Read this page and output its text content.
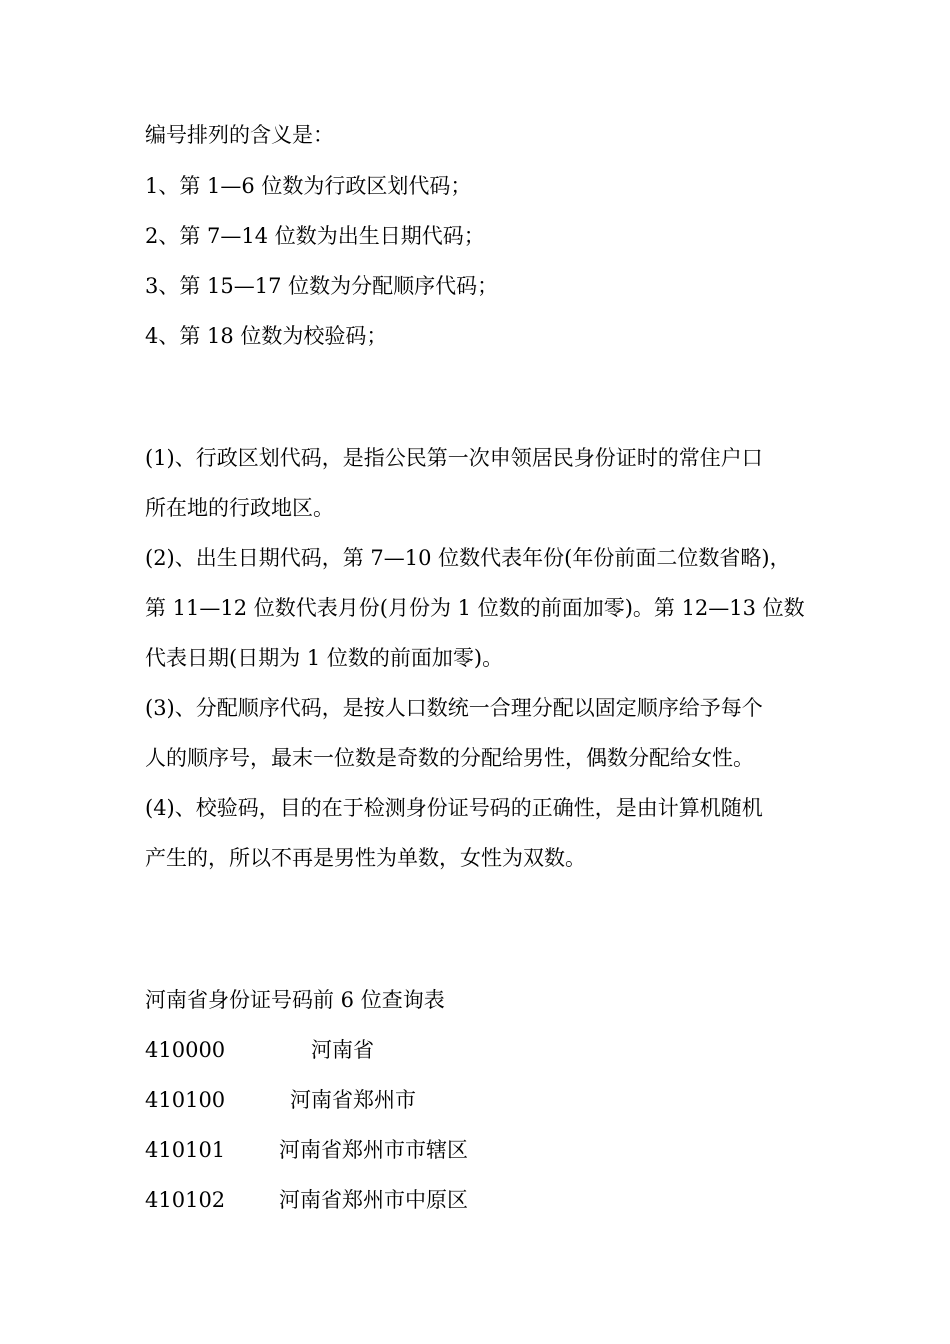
编号排列的含义是：
1、第 1—6 位数为行政区划代码；
2、第 7—14 位数为出生日期代码；
3、第 15—17 位数为分配顺序代码；
4、第 18 位数为校验码；
(1)、行政区划代码，是指公民第一次申领居民身份证时的常住户口
所在地的行政地区。
(2)、出生日期代码，第 7—10 位数代表年份(年份前面二位数省略)，
第 11—12 位数代表月份(月份为 1 位数的前面加零)。第 12—13 位数
代表日期(日期为 1 位数的前面加零)。
(3)、分配顺序代码，是按人口数统一合理分配以固定顺序给予每个
人的顺序号，最末一位数是奇数的分配给男性，偶数分配给女性。
(4)、校验码，目的在于检测身份证号码的正确性，是由计算机随机
产生的，所以不再是男性为单数，女性为双数。
河南省身份证号码前 6 位查询表
410000	河南省
410100	河南省郑州市
410101	河南省郑州市市辖区
410102	河南省郑州市中原区
